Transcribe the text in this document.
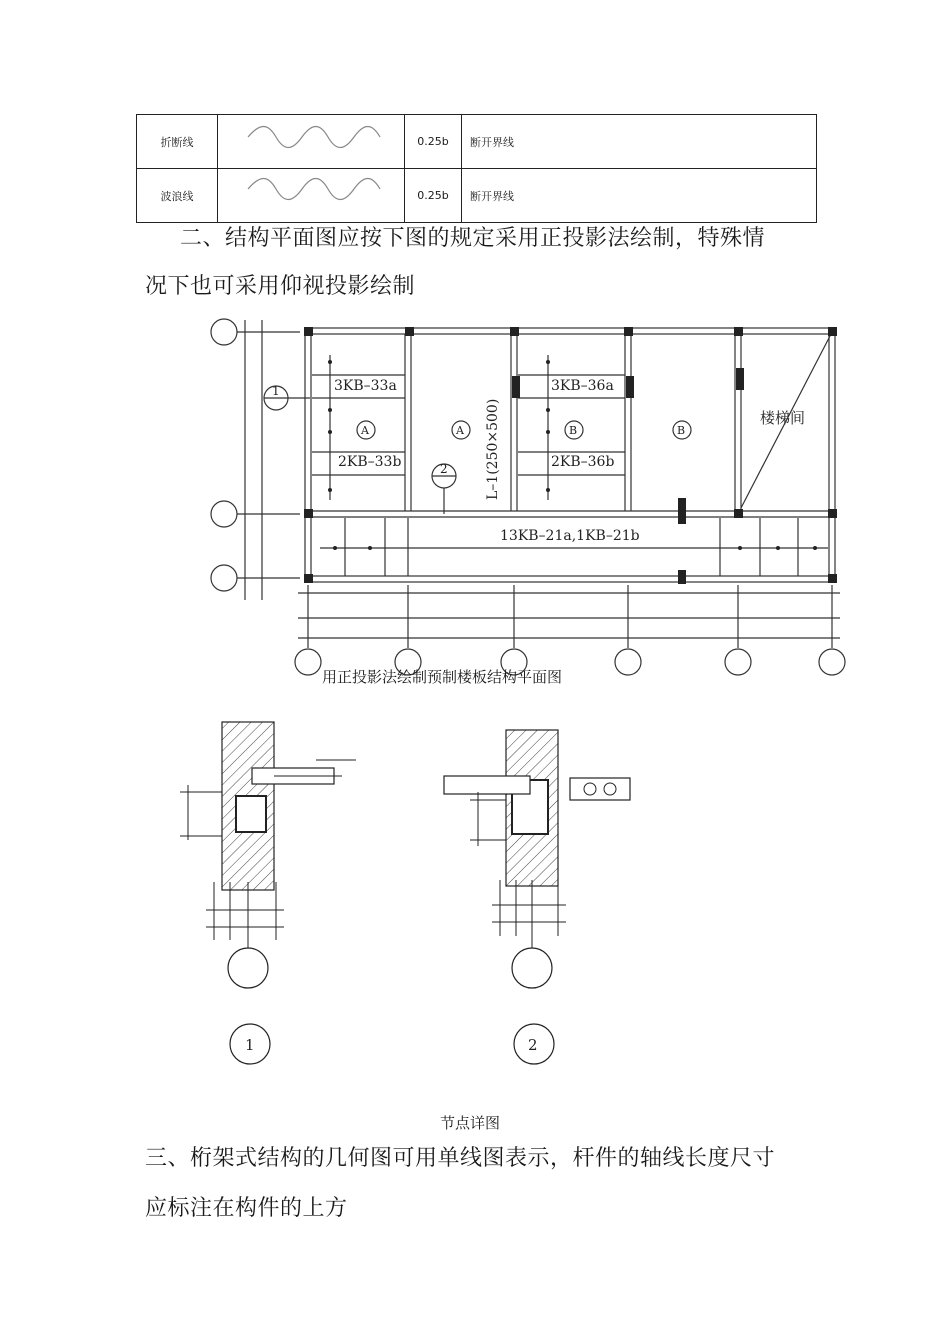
折断线		0.25b	断开界线
波浪线		0.25b	断开界线
二、结构平面图应按下图的规定采用正投影法绘制，特殊情
况下也可采用仰视投影绘制
3KB–33a
2KB–33b
3KB–36a
2KB–36b
L–1(250×500)
13KB–21a,1KB–21b
楼梯间
A	A	B	B
1
2
用正投影法绘制预制楼板结构平面图
1	2
节点详图
三、桁架式结构的几何图可用单线图表示，杆件的轴线长度尺寸
应标注在构件的上方
